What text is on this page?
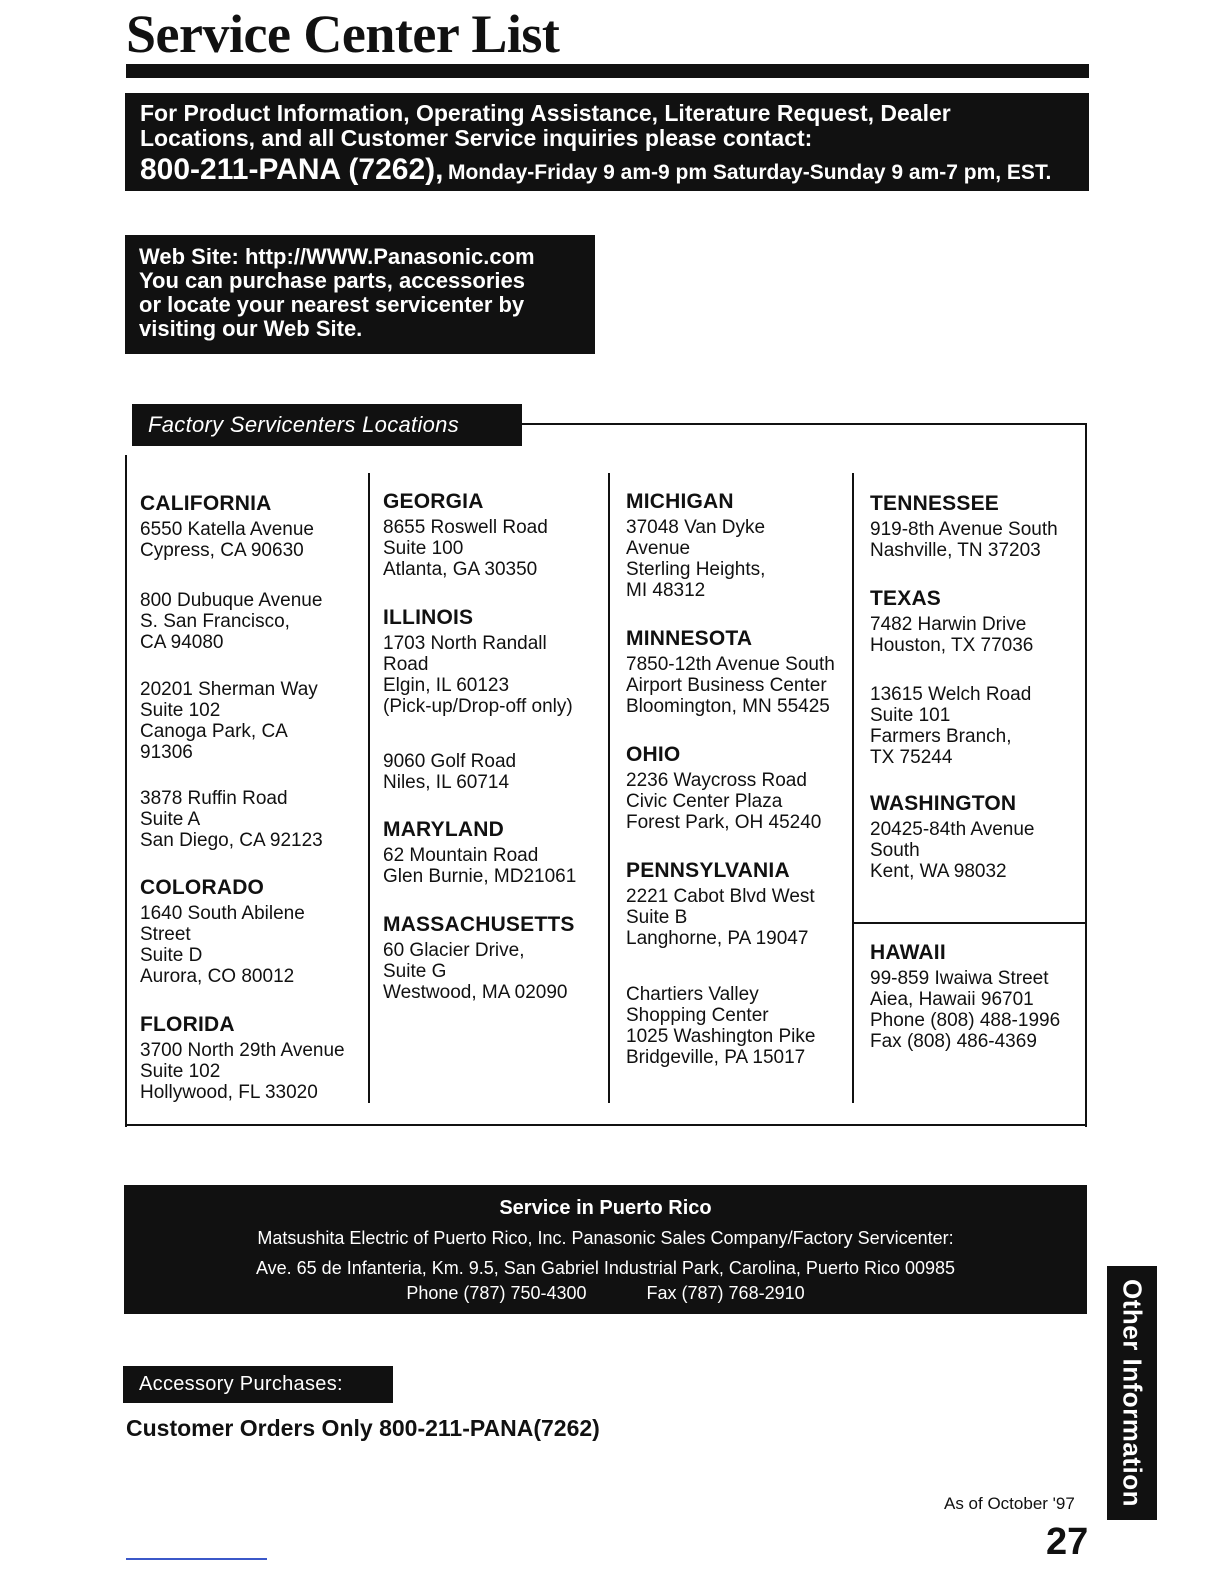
Service Center List
For Product Information, Operating Assistance, Literature Request, Dealer
Locations, and all Customer Service inquiries please contact:
800-211-PANA (7262), Monday-Friday 9 am-9 pm Saturday-Sunday 9 am-7 pm, EST.
Web Site: http://WWW.Panasonic.com
You can purchase parts, accessories
or locate your nearest servicenter by
visiting our Web Site.
Factory Servicenters Locations
CALIFORNIA
6550 Katella Avenue
Cypress, CA 90630
800 Dubuque Avenue
S. San Francisco,
CA 94080
20201 Sherman Way
Suite 102
Canoga Park, CA
91306
3878 Ruffin Road
Suite A
San Diego, CA 92123
COLORADO
1640 South Abilene
Street
Suite D
Aurora, CO 80012
FLORIDA
3700 North 29th Avenue
Suite 102
Hollywood, FL 33020
GEORGIA
8655 Roswell Road
Suite 100
Atlanta, GA 30350
ILLINOIS
1703 North Randall
Road
Elgin, IL 60123
(Pick-up/Drop-off only)
9060 Golf Road
Niles, IL 60714
MARYLAND
62 Mountain Road
Glen Burnie, MD21061
MASSACHUSETTS
60 Glacier Drive,
Suite G
Westwood, MA 02090
MICHIGAN
37048 Van Dyke
Avenue
Sterling Heights,
MI 48312
MINNESOTA
7850-12th Avenue South
Airport Business Center
Bloomington, MN 55425
OHIO
2236 Waycross Road
Civic Center Plaza
Forest Park, OH 45240
PENNSYLVANIA
2221 Cabot Blvd West
Suite B
Langhorne, PA 19047
Chartiers Valley
Shopping Center
1025 Washington Pike
Bridgeville, PA 15017
TENNESSEE
919-8th Avenue South
Nashville, TN 37203
TEXAS
7482 Harwin Drive
Houston, TX 77036
13615 Welch Road
Suite 101
Farmers Branch,
TX 75244
WASHINGTON
20425-84th Avenue
South
Kent, WA 98032
HAWAII
99-859 Iwaiwa Street
Aiea, Hawaii 96701
Phone (808) 488-1996
Fax (808) 486-4369
Service in Puerto Rico
Matsushita Electric of Puerto Rico, Inc. Panasonic Sales Company/Factory Servicenter:
Ave. 65 de Infanteria, Km. 9.5, San Gabriel Industrial Park, Carolina, Puerto Rico 00985
Phone (787) 750-4300	Fax (787) 768-2910
Accessory Purchases:
Customer Orders Only 800-211-PANA(7262)	Other Information
As of October '97
27
